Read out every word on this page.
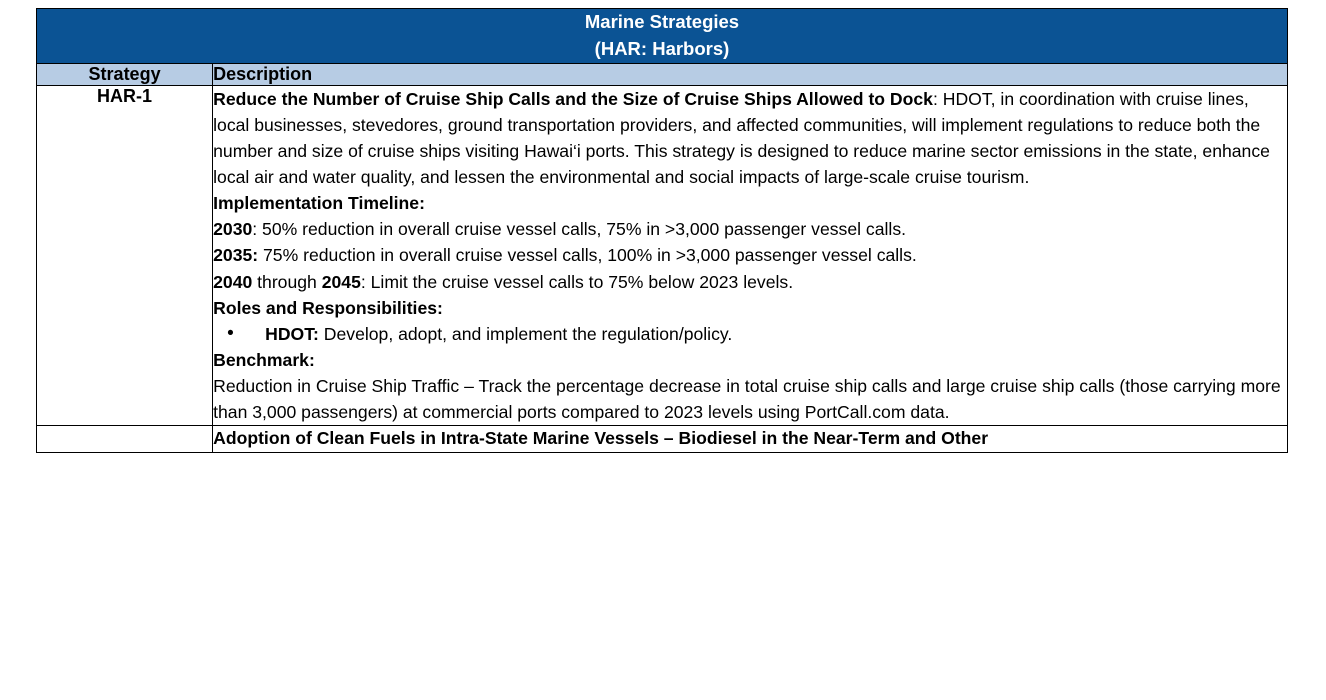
Marine Strategies
(HAR: Harbors)	

Strategy	Description
HAR-1	Reduce the Number of Cruise Ship Calls and the Size of Cruise Ships Allowed to Dock: HDOT, in coordination with cruise lines, local businesses, stevedores, ground transportation providers, and affected communities, will implement regulations to reduce both the number and size of cruise ships visiting Hawai‘i ports. This strategy is designed to reduce marine sector emissions in the state, enhance local air and water quality, and lessen the environmental and social impacts of large-scale cruise tourism.

Implementation Timeline:

2030: 50% reduction in overall cruise vessel calls, 75% in >3,000 passenger vessel calls.

2035: 75% reduction in overall cruise vessel calls, 100% in >3,000 passenger vessel calls.

2040 through 2045: Limit the cruise vessel calls to 75% below 2023 levels.

Roles and Responsibilities:

• HDOT: Develop, adopt, and implement the regulation/policy.

Benchmark:

Reduction in Cruise Ship Traffic – Track the percentage decrease in total cruise ship calls and large cruise ship calls (those carrying more than 3,000 passengers) at commercial ports compared to 2023 levels using PortCall.com data.

	Adoption of Clean Fuels in Intra-State Marine Vessels – Biodiesel in the Near-Term and Other
